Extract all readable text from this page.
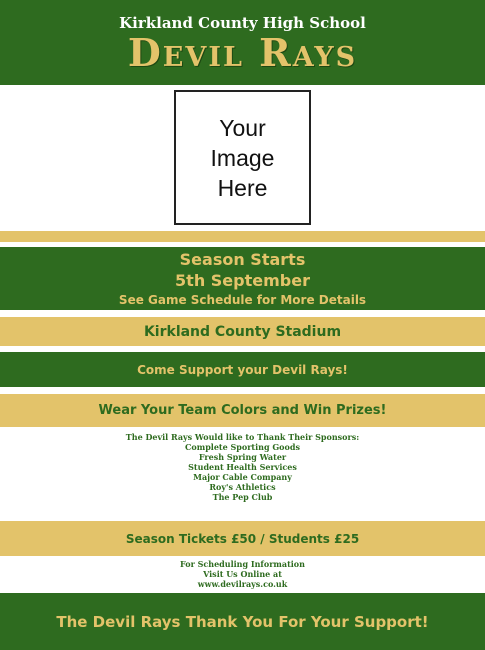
Kirkland County High School
Devil Rays
Your
Image
Here
Season Starts
5th September
See Game Schedule for More Details
Kirkland County Stadium
Come Support your Devil Rays!
Wear Your Team Colors and Win Prizes!
The Devil Rays Would like to Thank Their Sponsors:
Complete Sporting Goods
Fresh Spring Water
Student Health Services
Major Cable Company
Roy's Athletics
The Pep Club
Season Tickets £50 / Students £25
For Scheduling Information
Visit Us Online at
www.devilrays.co.uk
The Devil Rays Thank You For Your Support!
